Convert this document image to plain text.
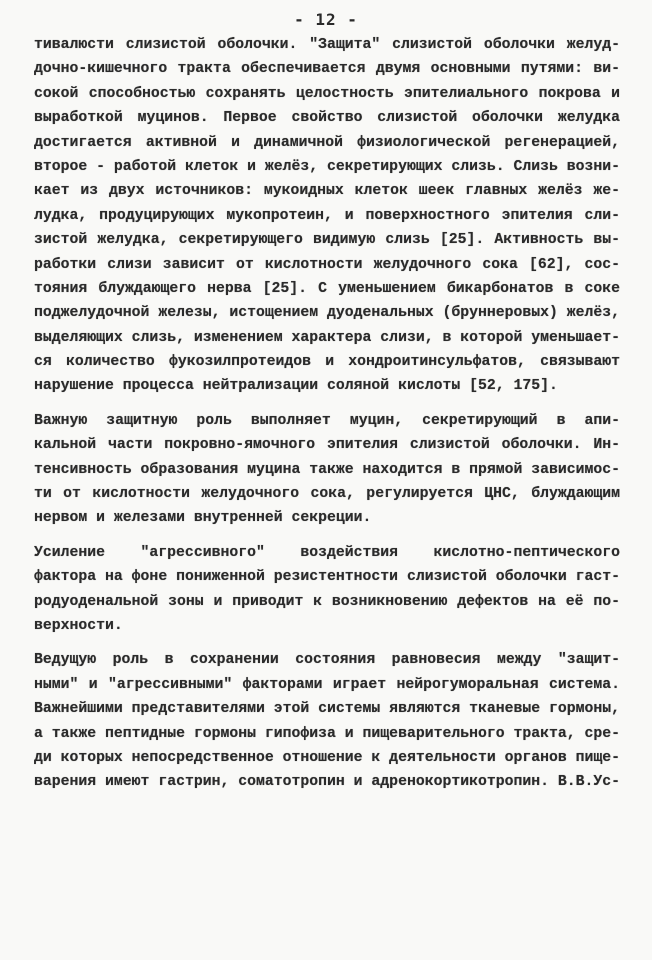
- 12 -
тивалюсти слизистой оболочки. "Защита" слизистой оболочки желуд-
дочно-кишечного тракта обеспечивается двумя основными путями: ви-
сокой способностью сохранять целостность эпителиального покрова и
выработкой муцинов. Первое свойство слизистой оболочки желудка
достигается активной и динамичной физиологической регенерацией,
второе - работой клеток и желёз, секретирующих слизь. Слизь возни-
кает из двух источников: мукоидных клеток шеек главных желёз же-
лудка, продуцирующих мукопротеин, и поверхностного эпителия сли-
зистой желудка, секретирующего видимую слизь [25]. Активность вы-
работки слизи зависит от кислотности желудочного сока [62], сос-
тояния блуждающего нерва [25]. С уменьшением бикарбонатов в соке
поджелудочной железы, истощением дуоденальных (бруннеровых) желёз,
выделяющих слизь, изменением характера слизи, в которой уменьшает-
ся количество фукозилпротеидов и хондроитинсульфатов, связывают
нарушение процесса нейтрализации соляной кислоты [52, 175].
Важную защитную роль выполняет муцин, секретирующий в апи-
кальной части покровно-ямочного эпителия слизистой оболочки. Ин-
тенсивность образования муцина также находится в прямой зависимос-
ти от кислотности желудочного сока, регулируется ЦНС, блуждающим
нервом и железами внутренней секреции.
Усиление "агрессивного" воздействия кислотно-пептического
фактора на фоне пониженной резистентности слизистой оболочки гаст-
родуоденальной зоны и приводит к возникновению дефектов на её по-
верхности.
Ведущую роль в сохранении состояния равновесия между "защит-
ными" и "агрессивными" факторами играет нейрогуморальная система.
Важнейшими представителями этой системы являются тканевые гормоны,
а также пептидные гормоны гипофиза и пищеварительного тракта, сре-
ди которых непосредственное отношение к деятельности органов пище-
варения имеют гастрин, соматотропин и адренокортикотропин. В.В.Ус-
